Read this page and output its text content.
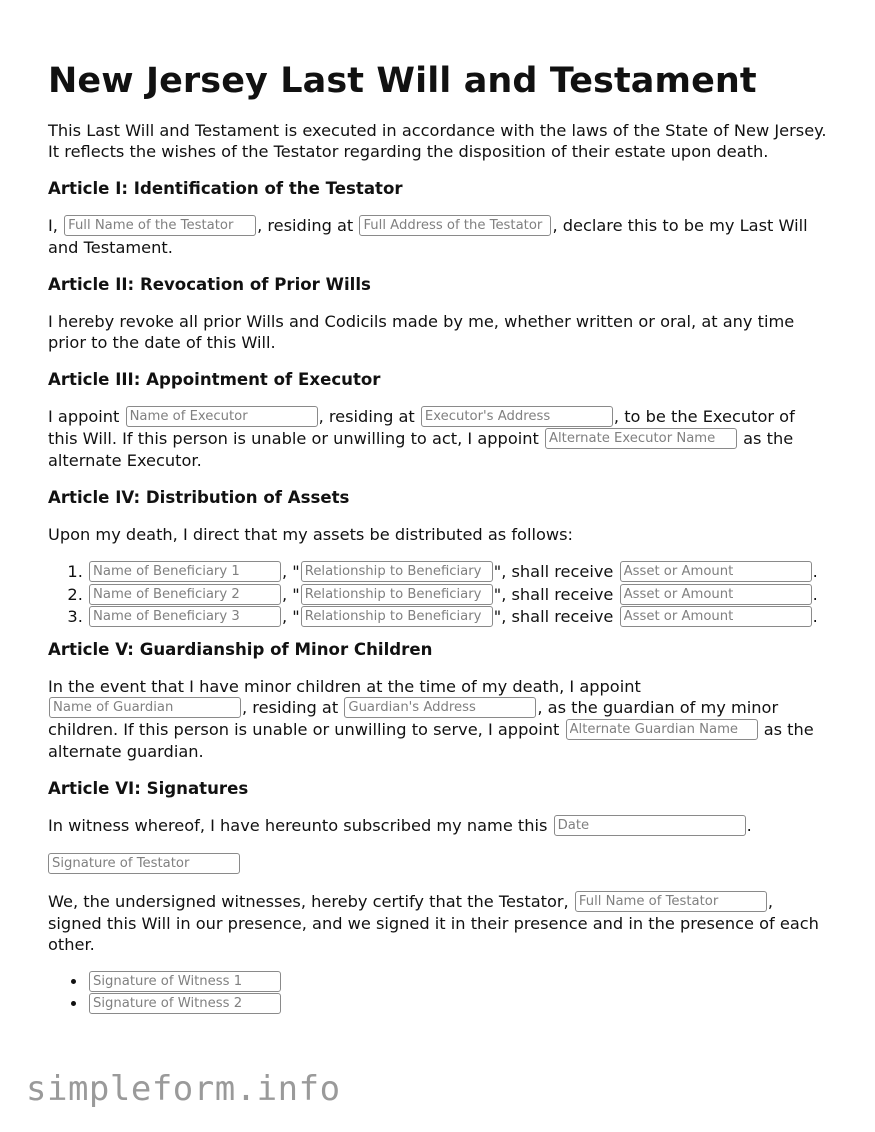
New Jersey Last Will and Testament

This Last Will and Testament is executed in accordance with the laws of the State of New Jersey. It reflects the wishes of the Testator regarding the disposition of their estate upon death.

Article I: Identification of the Testator

I, Full Name of the Testator	, residing at Full Address of the Testator	, declare this to be my Last Will and Testament.

Article II: Revocation of Prior Wills

I hereby revoke all prior Wills and Codicils made by me, whether written or oral, at any time prior to the date of this Will.

Article III: Appointment of Executor

I appoint Name of Executor	, residing at Executor's Address	, to be the Executor of this Will. If this person is unable or unwilling to act, I appoint Alternate Executor Name	as the alternate Executor.

Article IV: Distribution of Assets

Upon my death, I direct that my assets be distributed as follows:

Name of Beneficiary 1 1. , "Relationship to Beneficiary	", shall receive Asset or Amount	.
Name of Beneficiary 2 2. , "Relationship to Beneficiary	", shall receive Asset or Amount	.
Name of Beneficiary 3 3. , "Relationship to Beneficiary	", shall receive Asset or Amount	.
Article V: Guardianship of Minor Children

In the event that I have minor children at the time of my death, I appoint Name of Guardian, residing at Guardian's Address	, as the guardian of my minor children. If this person is unable or unwilling to serve, I appoint Alternate Guardian Name	as the alternate guardian.

Article VI: Signatures

In witness whereof, I have hereunto subscribed my name this Date	.

Signature of Testator

We, the undersigned witnesses, hereby certify that the Testator, Full Name of Testator	, signed this Will in our presence, and we signed it in their presence and in the presence of each other.

• Signature of Witness 1
• Signature of Witness 2
simpleform.info
